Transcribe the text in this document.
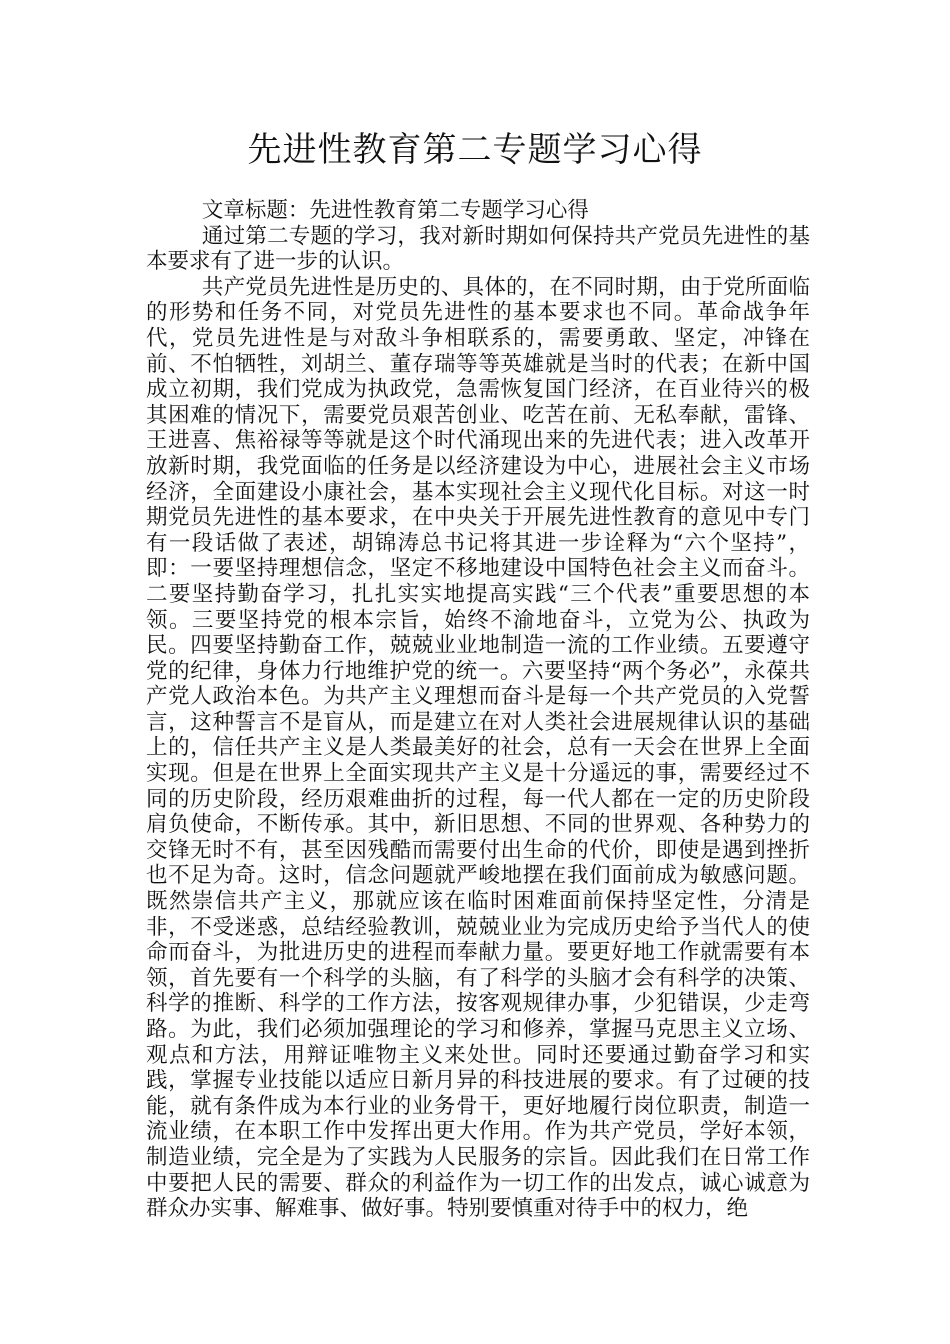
先进性教育第二专题学习心得

文章标题：先进性教育第二专题学习心得

通过第二专题的学习，我对新时期如何保持共产党员先进性的基本要求有了进一步的认识。

共产党员先进性是历史的、具体的，在不同时期，由于党所面临的形势和任务不同，对党员先进性的基本要求也不同。革命战争年代，党员先进性是与对敌斗争相联系的，需要勇敢、坚定，冲锋在前、不怕牺牲，刘胡兰、董存瑞等等英雄就是当时的代表；在新中国成立初期，我们党成为执政党，急需恢复国门经济，在百业待兴的极其困难的情况下，需要党员艰苦创业、吃苦在前、无私奉献，雷锋、王进喜、焦裕禄等等就是这个时代涌现出来的先进代表；进入改革开放新时期，我党面临的任务是以经济建设为中心，进展社会主义市场经济，全面建设小康社会，基本实现社会主义现代化目标。对这一时期党员先进性的基本要求，在中央关于开展先进性教育的意见中专门有一段话做了表述，胡锦涛总书记将其进一步诠释为“六个坚持”，即：一要坚持理想信念，坚定不移地建设中国特色社会主义而奋斗。二要坚持勤奋学习，扎扎实实地提高实践“三个代表”重要思想的本领。三要坚持党的根本宗旨，始终不渝地奋斗，立党为公、执政为民。四要坚持勤奋工作，兢兢业业地制造一流的工作业绩。五要遵守党的纪律，身体力行地维护党的统一。六要坚持“两个务必”，永葆共产党人政治本色。为共产主义理想而奋斗是每一个共产党员的入党誓言，这种誓言不是盲从，而是建立在对人类社会进展规律认识的基础上的，信任共产主义是人类最美好的社会，总有一天会在世界上全面实现。但是在世界上全面实现共产主义是十分遥远的事，需要经过不同的历史阶段，经历艰难曲折的过程，每一代人都在一定的历史阶段肩负使命，不断传承。其中，新旧思想、不同的世界观、各种势力的交锋无时不有，甚至因残酷而需要付出生命的代价，即使是遇到挫折也不足为奇。这时，信念问题就严峻地摆在我们面前成为敏感问题。既然崇信共产主义，那就应该在临时困难面前保持坚定性，分清是非，不受迷惑，总结经验教训，兢兢业业为完成历史给予当代人的使命而奋斗，为批进历史的进程而奉献力量。要更好地工作就需要有本领，首先要有一个科学的头脑，有了科学的头脑才会有科学的决策、科学的推断、科学的工作方法，按客观规律办事，少犯错误，少走弯路。为此，我们必须加强理论的学习和修养，掌握马克思主义立场、观点和方法，用辩证唯物主义来处世。同时还要通过勤奋学习和实践，掌握专业技能以适应日新月异的科技进展的要求。有了过硬的技能，就有条件成为本行业的业务骨干，更好地履行岗位职责，制造一流业绩，在本职工作中发挥出更大作用。作为共产党员，学好本领，制造业绩，完全是为了实践为人民服务的宗旨。因此我们在日常工作中要把人民的需要、群众的利益作为一切工作的出发点，诚心诚意为群众办实事、解难事、做好事。特别要慎重对待手中的权力，绝
